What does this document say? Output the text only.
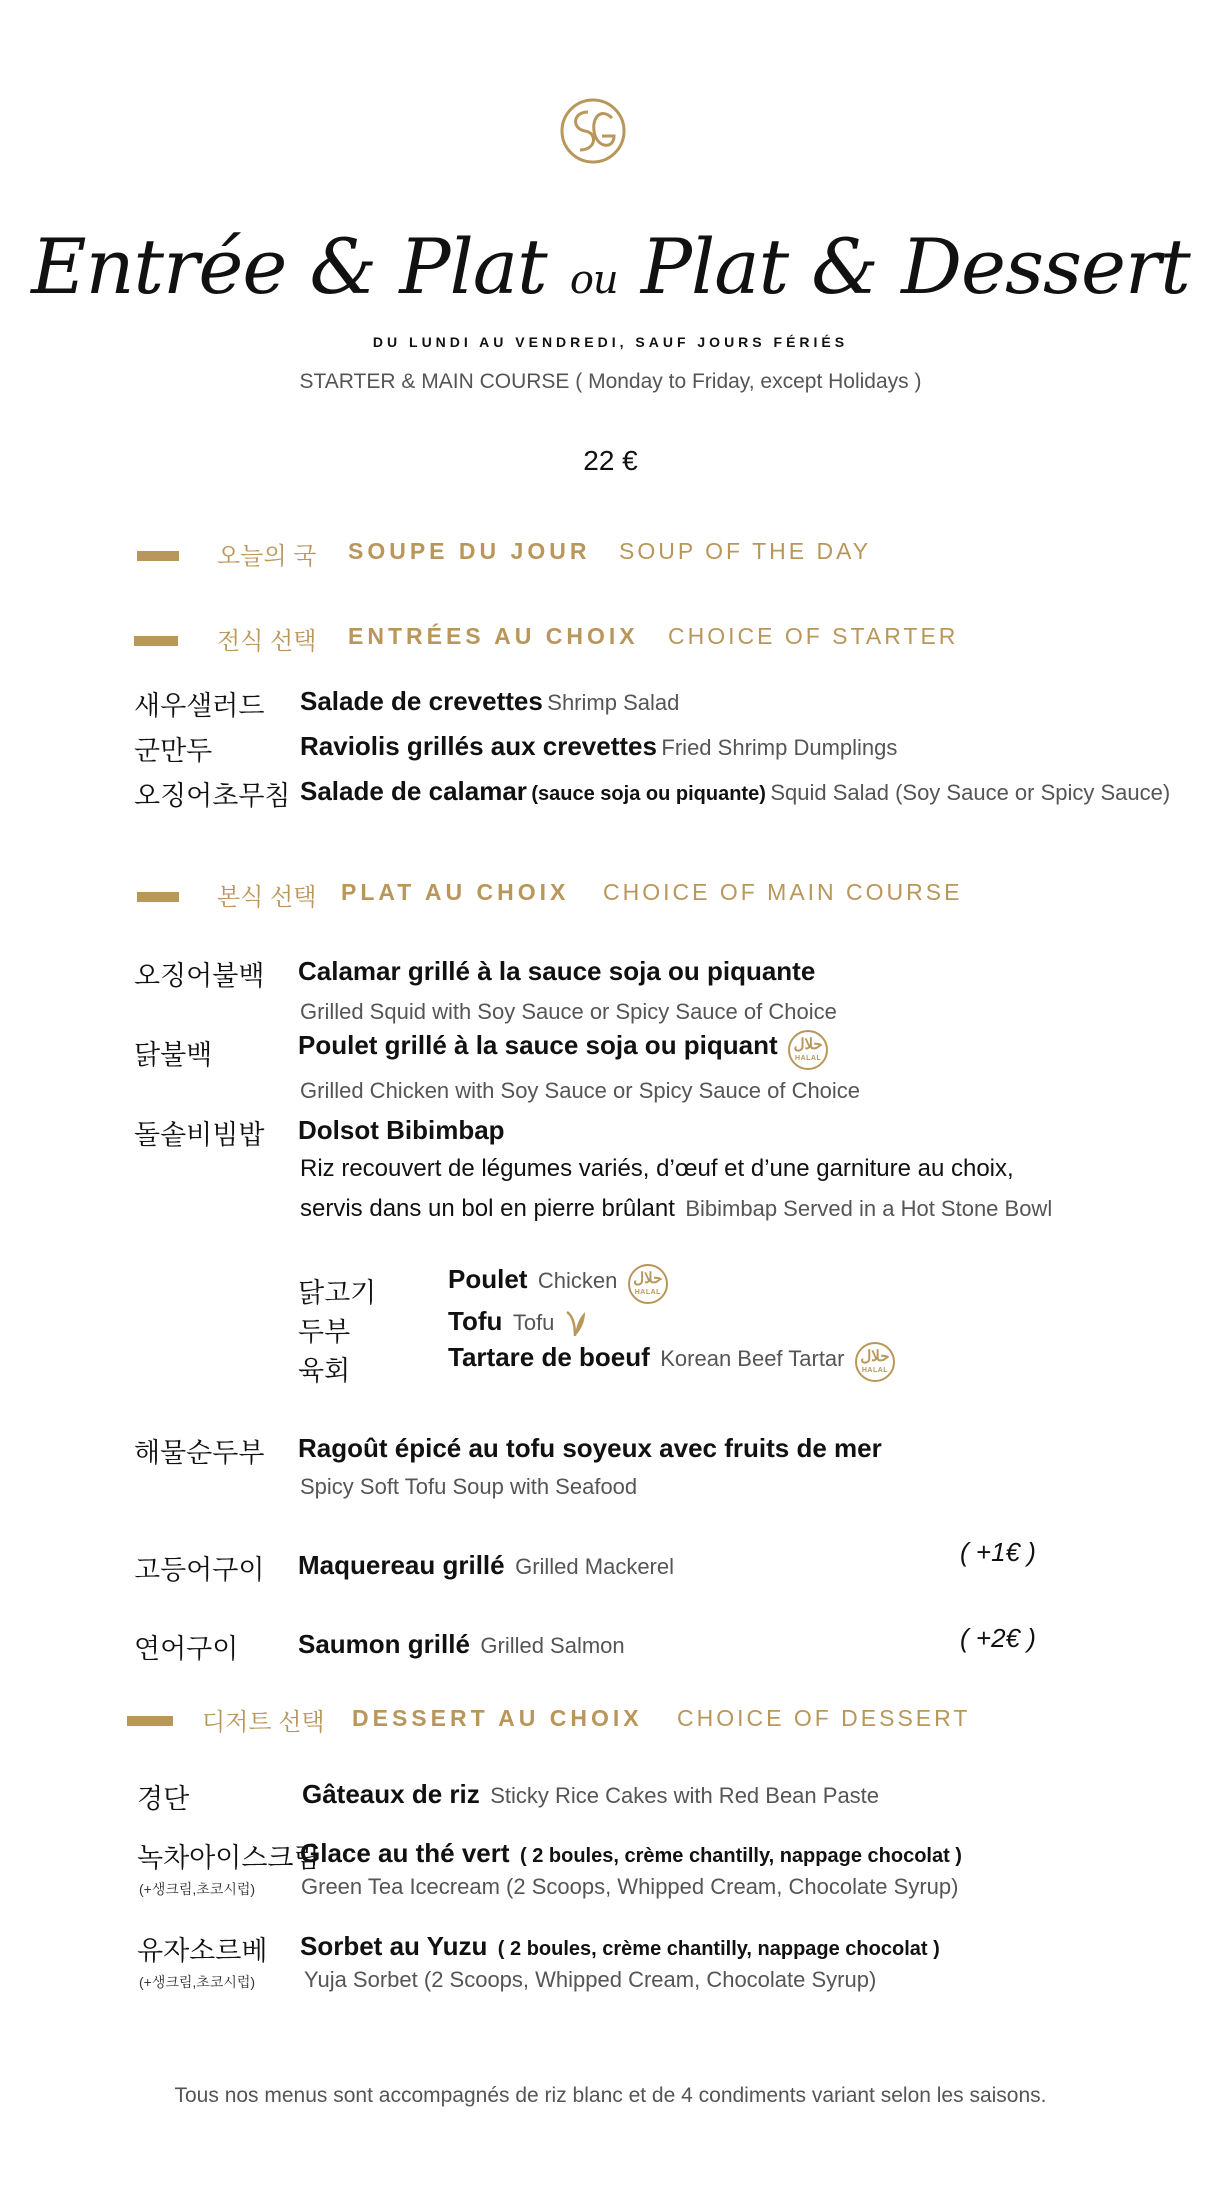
Entrée & Plat ou Plat & Dessert
DU LUNDI AU VENDREDI, SAUF JOURS FÉRIÉS
STARTER & MAIN COURSE ( Monday to Friday, except Holidays )
22 €
오늘의 국 SOUPE DU JOUR SOUP OF THE DAY
전식 선택 ENTRÉES AU CHOIX CHOICE OF STARTER
새우샐러드 Salade de crevettes Shrimp Salad
군만두	Raviolis grillés aux crevettes Fried Shrimp Dumplings
오징어초무침 Salade de calamar (sauce soja ou piquante) Squid Salad (Soy Sauce or Spicy Sauce)
본식 선택 PLAT AU CHOIX CHOICE OF MAIN COURSE
오징어불백 Calamar grillé à la sauce soja ou piquante
Grilled Squid with Soy Sauce or Spicy Sauce of Choice
닭불백	Poulet grillé à la sauce soja ou piquant حلال
HALAL
Grilled Chicken with Soy Sauce or Spicy Sauce of Choice
돌솥비빔밥 Dolsot Bibimbap
Riz recouvert de légumes variés, d’œuf et d’une garniture au choix,
servis dans un bol en pierre brûlant Bibimbap Served in a Hot Stone Bowl
닭고기	Poulet Chicken حلال
HALAL
두부	Tofu Tofu
육회	Tartare de boeuf Korean Beef Tartar حلال
HALAL
해물순두부 Ragoût épicé au tofu soyeux avec fruits de mer
Spicy Soft Tofu Soup with Seafood
고등어구이 Maquereau grillé Grilled Mackerel	( +1€ )
연어구이 Saumon grillé Grilled Salmon	( +2€ )
디저트 선택 DESSERT AU CHOIX CHOICE OF DESSERT
경단	Gâteaux de riz Sticky Rice Cakes with Red Bean Paste
녹차아이스크림
(+생크림,초코시럽)
Glace au thé vert ( 2 boules, crème chantilly, nappage chocolat )
Green Tea Icecream (2 Scoops, Whipped Cream, Chocolate Syrup)
유자소르베
(+생크림,초코시럽)
Sorbet au Yuzu ( 2 boules, crème chantilly, nappage chocolat )
Yuja Sorbet (2 Scoops, Whipped Cream, Chocolate Syrup)
Tous nos menus sont accompagnés de riz blanc et de 4 condiments variant selon les saisons.
